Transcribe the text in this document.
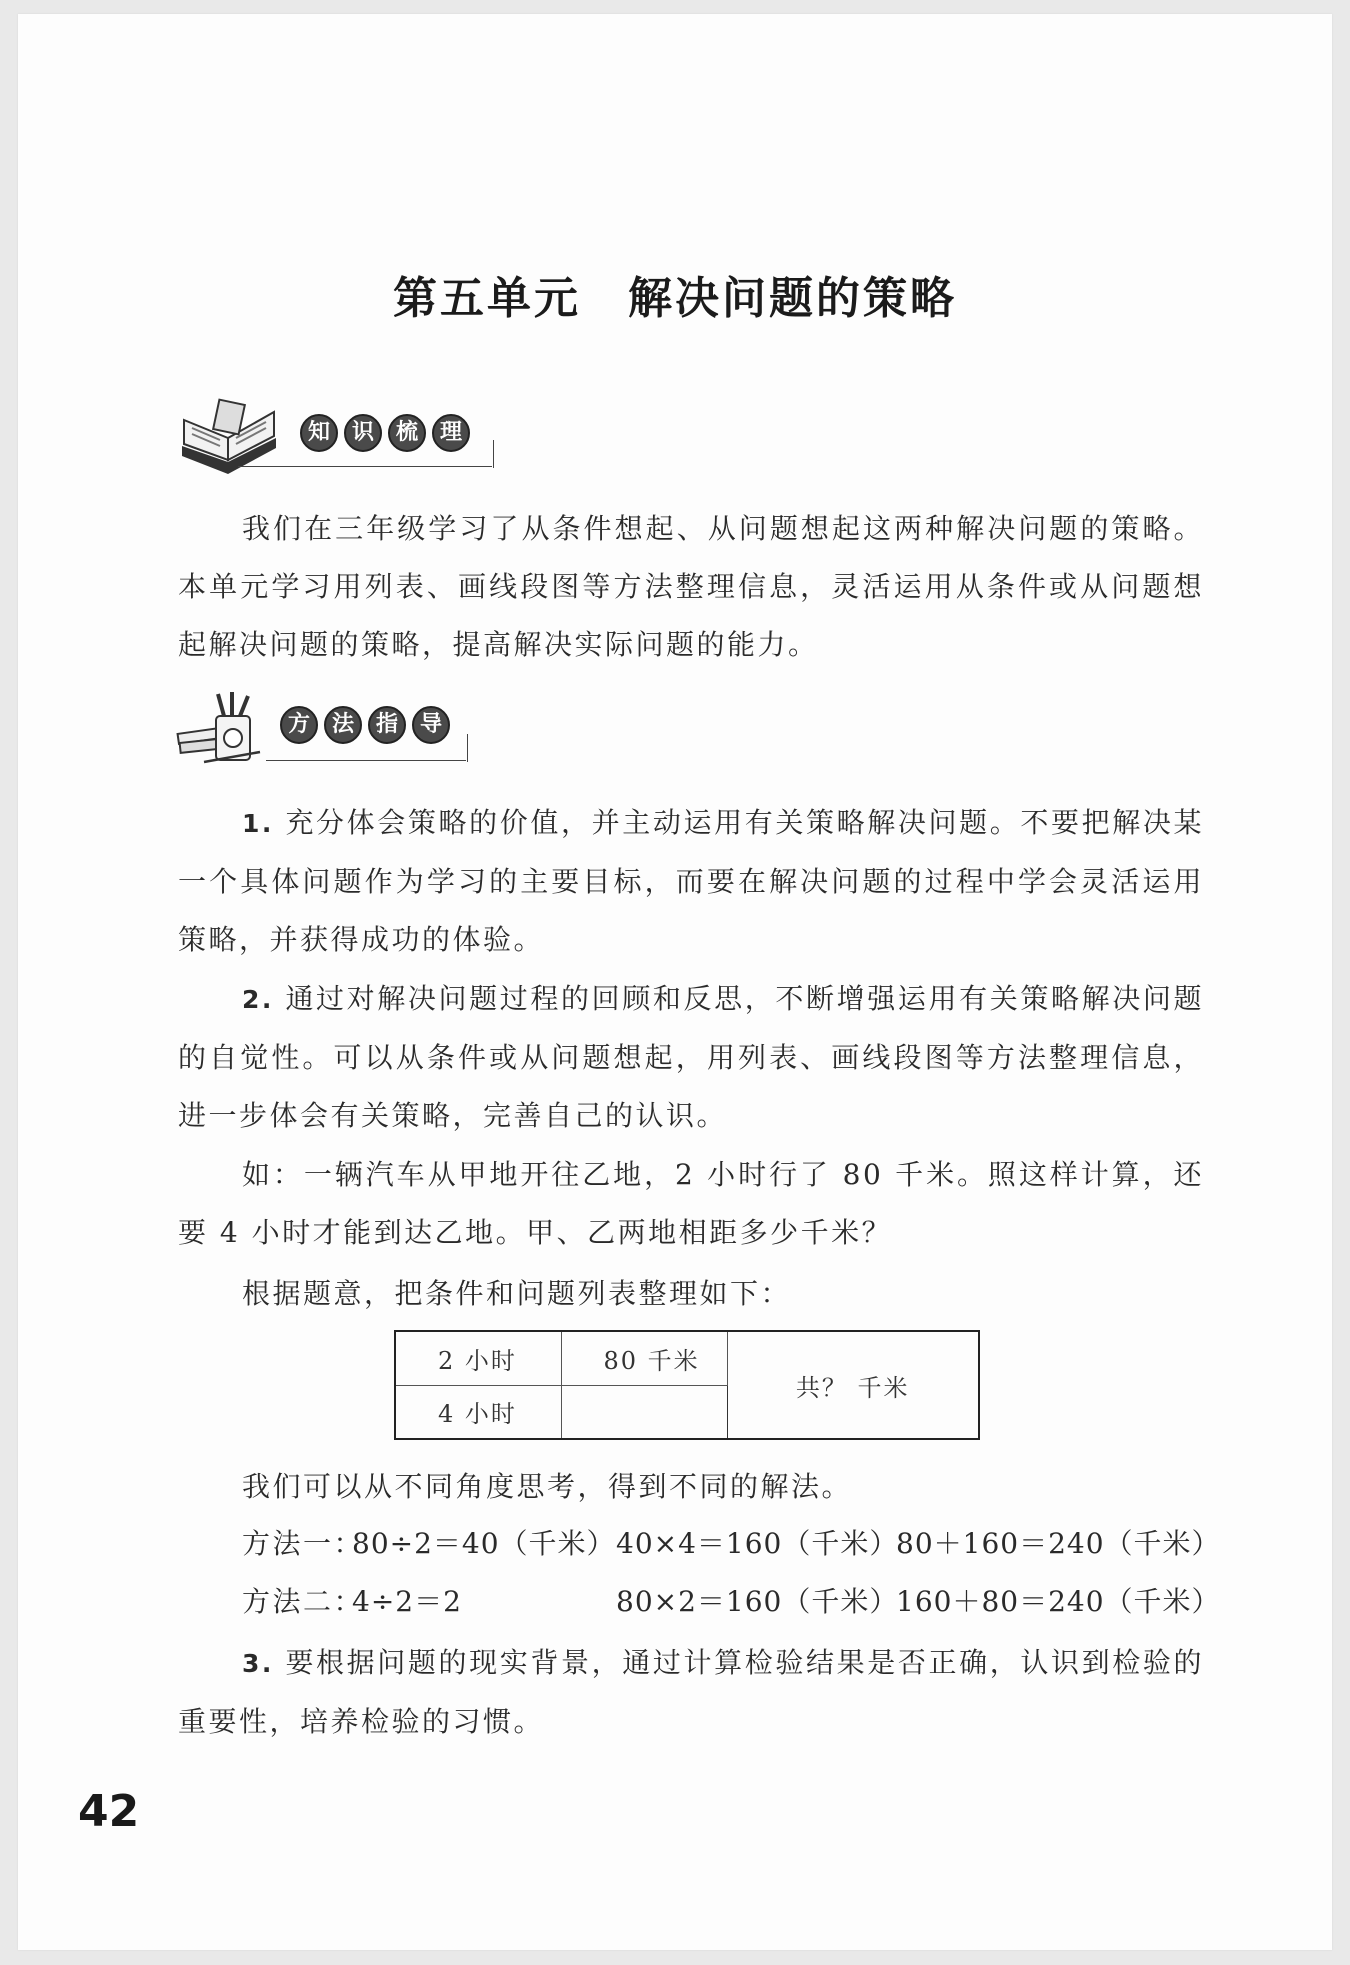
第五单元　解决问题的策略
知 识 梳 理

我们在三年级学习了从条件想起、从问题想起这两种解决问题的策略。本单元学习用列表、画线段图等方法整理信息，灵活运用从条件或从问题想起解决问题的策略，提高解决实际问题的能力。

方 法 指 导

1. 充分体会策略的价值，并主动运用有关策略解决问题。不要把解决某一个具体问题作为学习的主要目标，而要在解决问题的过程中学会灵活运用策略，并获得成功的体验。

2. 通过对解决问题过程的回顾和反思，不断增强运用有关策略解决问题的自觉性。可以从条件或从问题想起，用列表、画线段图等方法整理信息，进一步体会有关策略，完善自己的认识。

如：一辆汽车从甲地开往乙地，2 小时行了 80 千米。照这样计算，还要 4 小时才能到达乙地。甲、乙两地相距多少千米？

根据题意，把条件和问题列表整理如下：
2 小时	80 千米	共？ 千米
4 小时		
我们可以从不同角度思考，得到不同的解法。
方法一：
80÷2＝40（千米） 40×4＝160（千米）
80＋160＝240（千米）
方法二：
4÷2＝2	80×2＝160（千米）
160＋80＝240（千米）

3. 要根据问题的现实背景，通过计算检验结果是否正确，认识到检验的重要性，培养检验的习惯。

42
